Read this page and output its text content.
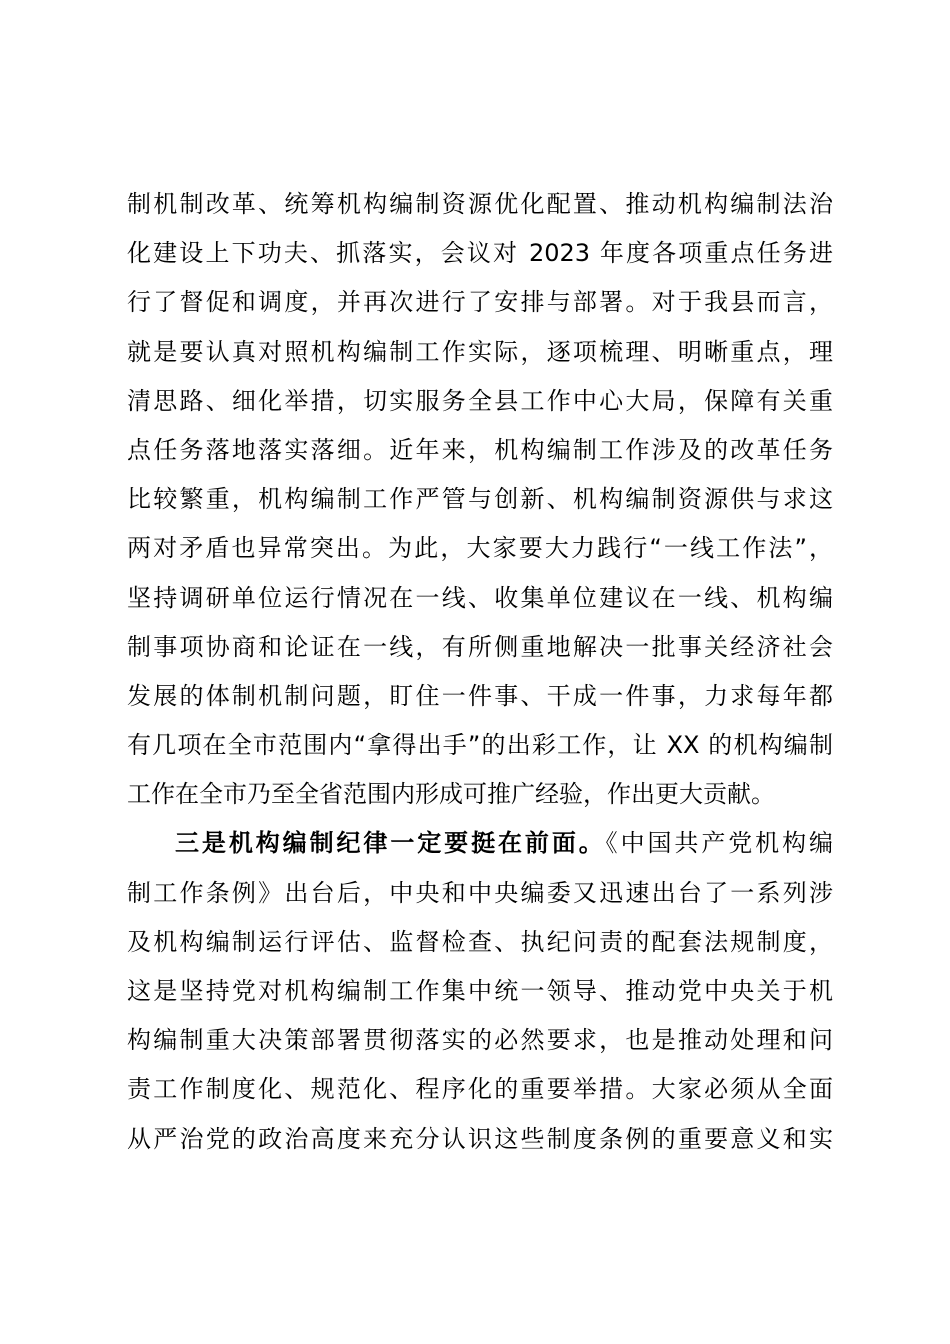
制机制改革、统筹机构编制资源优化配置、推动机构编制法治
化建设上下功夫、抓落实，会议对 2023 年度各项重点任务进
行了督促和调度，并再次进行了安排与部署。对于我县而言，
就是要认真对照机构编制工作实际，逐项梳理、明晰重点，理
清思路、细化举措，切实服务全县工作中心大局，保障有关重
点任务落地落实落细。近年来，机构编制工作涉及的改革任务
比较繁重，机构编制工作严管与创新、机构编制资源供与求这
两对矛盾也异常突出。为此，大家要大力践行“一线工作法”，
坚持调研单位运行情况在一线、收集单位建议在一线、机构编
制事项协商和论证在一线，有所侧重地解决一批事关经济社会
发展的体制机制问题，盯住一件事、干成一件事，力求每年都
有几项在全市范围内“拿得出手”的出彩工作，让 XX 的机构编制
工作在全市乃至全省范围内形成可推广经验，作出更大贡献。
三是机构编制纪律一定要挺在前面。《中国共产党机构编
制工作条例》出台后，中央和中央编委又迅速出台了一系列涉
及机构编制运行评估、监督检查、执纪问责的配套法规制度，
这是坚持党对机构编制工作集中统一领导、推动党中央关于机
构编制重大决策部署贯彻落实的必然要求，也是推动处理和问
责工作制度化、规范化、程序化的重要举措。大家必须从全面
从严治党的政治高度来充分认识这些制度条例的重要意义和实
